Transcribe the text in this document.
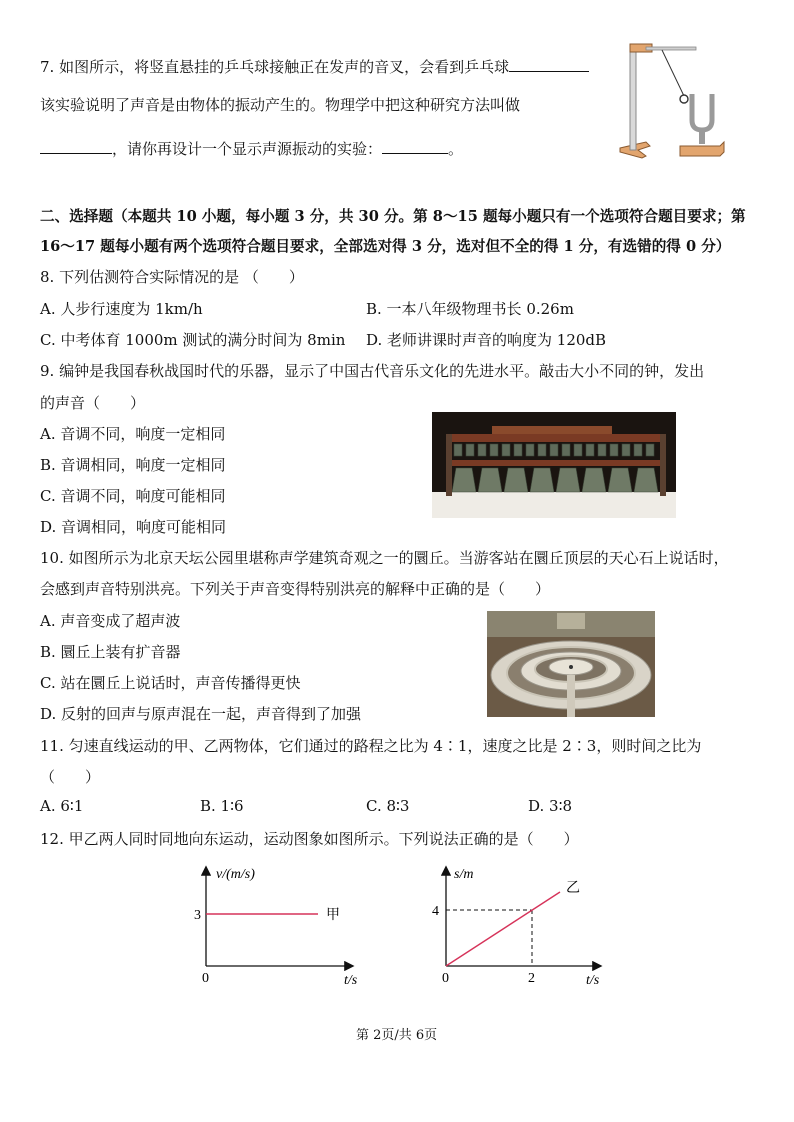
7. 如图所示，将竖直悬挂的乒乓球接触正在发声的音叉，会看到乒乓球
该实验说明了声音是由物体的振动产生的。物理学中把这种研究方法叫做
，请你再设计一个显示声源振动的实验：	。
二、选择题（本题共 10 小题，每小题 3 分，共 30 分。第 8～15 题每小题只有一个选项符合题目要求；第
16～17 题每小题有两个选项符合题目要求，全部选对得 3 分，选对但不全的得 1 分，有选错的得 0 分）
8. 下列估测符合实际情况的是 （　　）
A. 人步行速度为 1km/h	B. 一本八年级物理书长 0.26m
C. 中考体育 1000m 测试的满分时间为 8min D. 老师讲课时声音的响度为 120dB
9. 编钟是我国春秋战国时代的乐器，显示了中国古代音乐文化的先进水平。敲击大小不同的钟，发出
的声音（　　）
A. 音调不同，响度一定相同
B. 音调相同，响度一定相同
C. 音调不同，响度可能相同
D. 音调相同，响度可能相同
10. 如图所示为北京天坛公园里堪称声学建筑奇观之一的圜丘。当游客站在圜丘顶层的天心石上说话时，
会感到声音特别洪亮。下列关于声音变得特别洪亮的解释中正确的是（　　）
A. 声音变成了超声波
B. 圜丘上装有扩音器
C. 站在圜丘上说话时，声音传播得更快
D. 反射的回声与原声混在一起，声音得到了加强
11. 匀速直线运动的甲、乙两物体，它们通过的路程之比为 4∶1，速度之比是 2∶3，则时间之比为
（　　）
A. 6∶1	B. 1∶6	C. 8∶3	D. 3∶8
12. 甲乙两人同时同地向东运动，运动图象如图所示。下列说法正确的是（　　）
v/(m/s)
3
0	t/s
甲
s/m
4
0	2	t/s
乙
第 2页/共 6页
